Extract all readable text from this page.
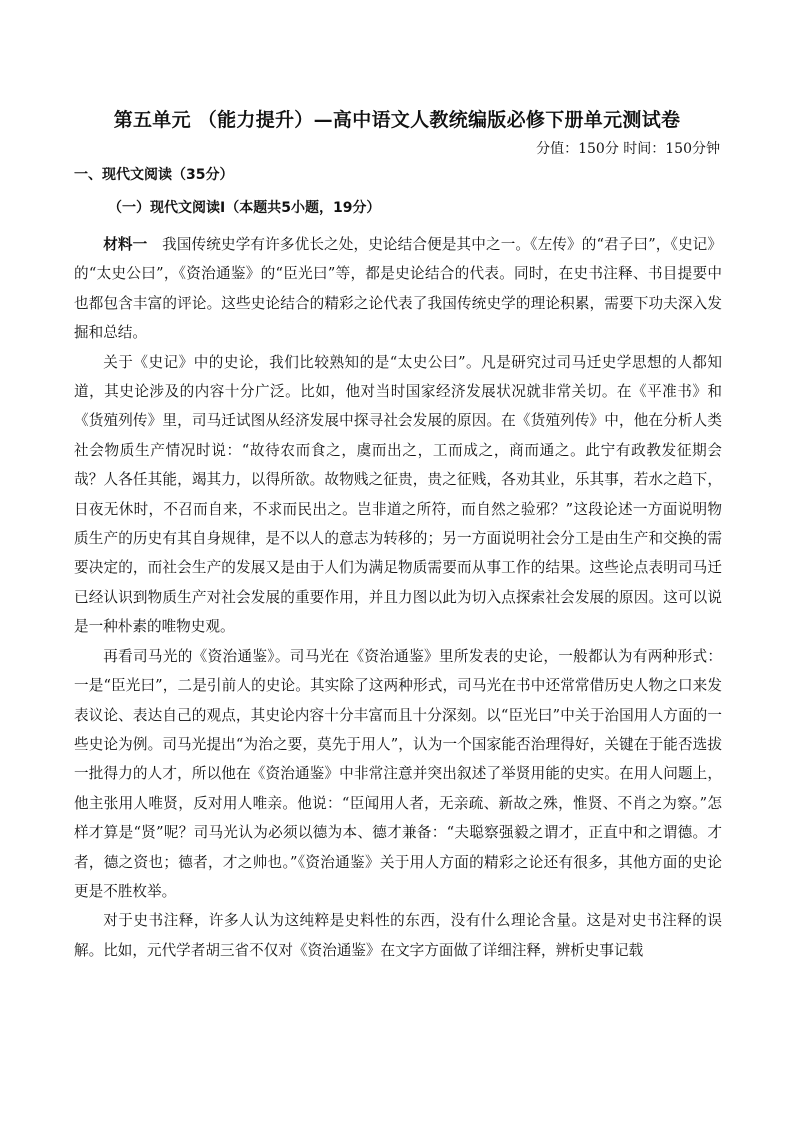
第五单元 （能力提升）—高中语文人教统编版必修下册单元测试卷
分值：150分 时间：150分钟
一、现代文阅读（35分）
（一）现代文阅读Ⅰ（本题共5小题，19分）

材料一　 我国传统史学有许多优长之处，史论结合便是其中之一。《左传》的“君子曰”，《史记》的“太史公曰”，《资治通鉴》的“臣光曰”等，都是史论结合的代表。同时，在史书注释、书目提要中也都包含丰富的评论。这些史论结合的精彩之论代表了我国传统史学的理论积累，需要下功夫深入发掘和总结。

关于《史记》中的史论，我们比较熟知的是“太史公曰”。凡是研究过司马迁史学思想的人都知道，其史论涉及的内容十分广泛。比如，他对当时国家经济发展状况就非常关切。在《平准书》和《货殖列传》里，司马迁试图从经济发展中探寻社会发展的原因。在《货殖列传》中，他在分析人类社会物质生产情况时说：“故待农而食之，虞而出之，工而成之，商而通之。此宁有政教发征期会哉？人各任其能，竭其力，以得所欲。故物贱之征贵，贵之征贱，各劝其业，乐其事，若水之趋下，日夜无休时，不召而自来，不求而民出之。岂非道之所符，而自然之验邪？”这段论述一方面说明物质生产的历史有其自身规律，是不以人的意志为转移的；另一方面说明社会分工是由生产和交换的需要决定的，而社会生产的发展又是由于人们为满足物质需要而从事工作的结果。这些论点表明司马迁已经认识到物质生产对社会发展的重要作用，并且力图以此为切入点探索社会发展的原因。这可以说是一种朴素的唯物史观。

再看司马光的《资治通鉴》。司马光在《资治通鉴》里所发表的史论，一般都认为有两种形式：一是“臣光曰”，二是引前人的史论。其实除了这两种形式，司马光在书中还常常借历史人物之口来发表议论、表达自己的观点，其史论内容十分丰富而且十分深刻。以“臣光曰”中关于治国用人方面的一些史论为例。司马光提出“为治之要，莫先于用人”，认为一个国家能否治理得好，关键在于能否选拔一批得力的人才，所以他在《资治通鉴》中非常注意并突出叙述了举贤用能的史实。在用人问题上，他主张用人唯贤，反对用人唯亲。他说：“臣闻用人者，无亲疏、新故之殊，惟贤、不肖之为察。”怎样才算是“贤”呢？司马光认为必须以德为本、德才兼备：“夫聪察强毅之谓才，正直中和之谓德。才者，德之资也；德者，才之帅也。”《资治通鉴》关于用人方面的精彩之论还有很多，其他方面的史论更是不胜枚举。

对于史书注释，许多人认为这纯粹是史料性的东西，没有什么理论含量。这是对史书注释的误解。比如，元代学者胡三省不仅对《资治通鉴》在文字方面做了详细注释，辨析史事记载
